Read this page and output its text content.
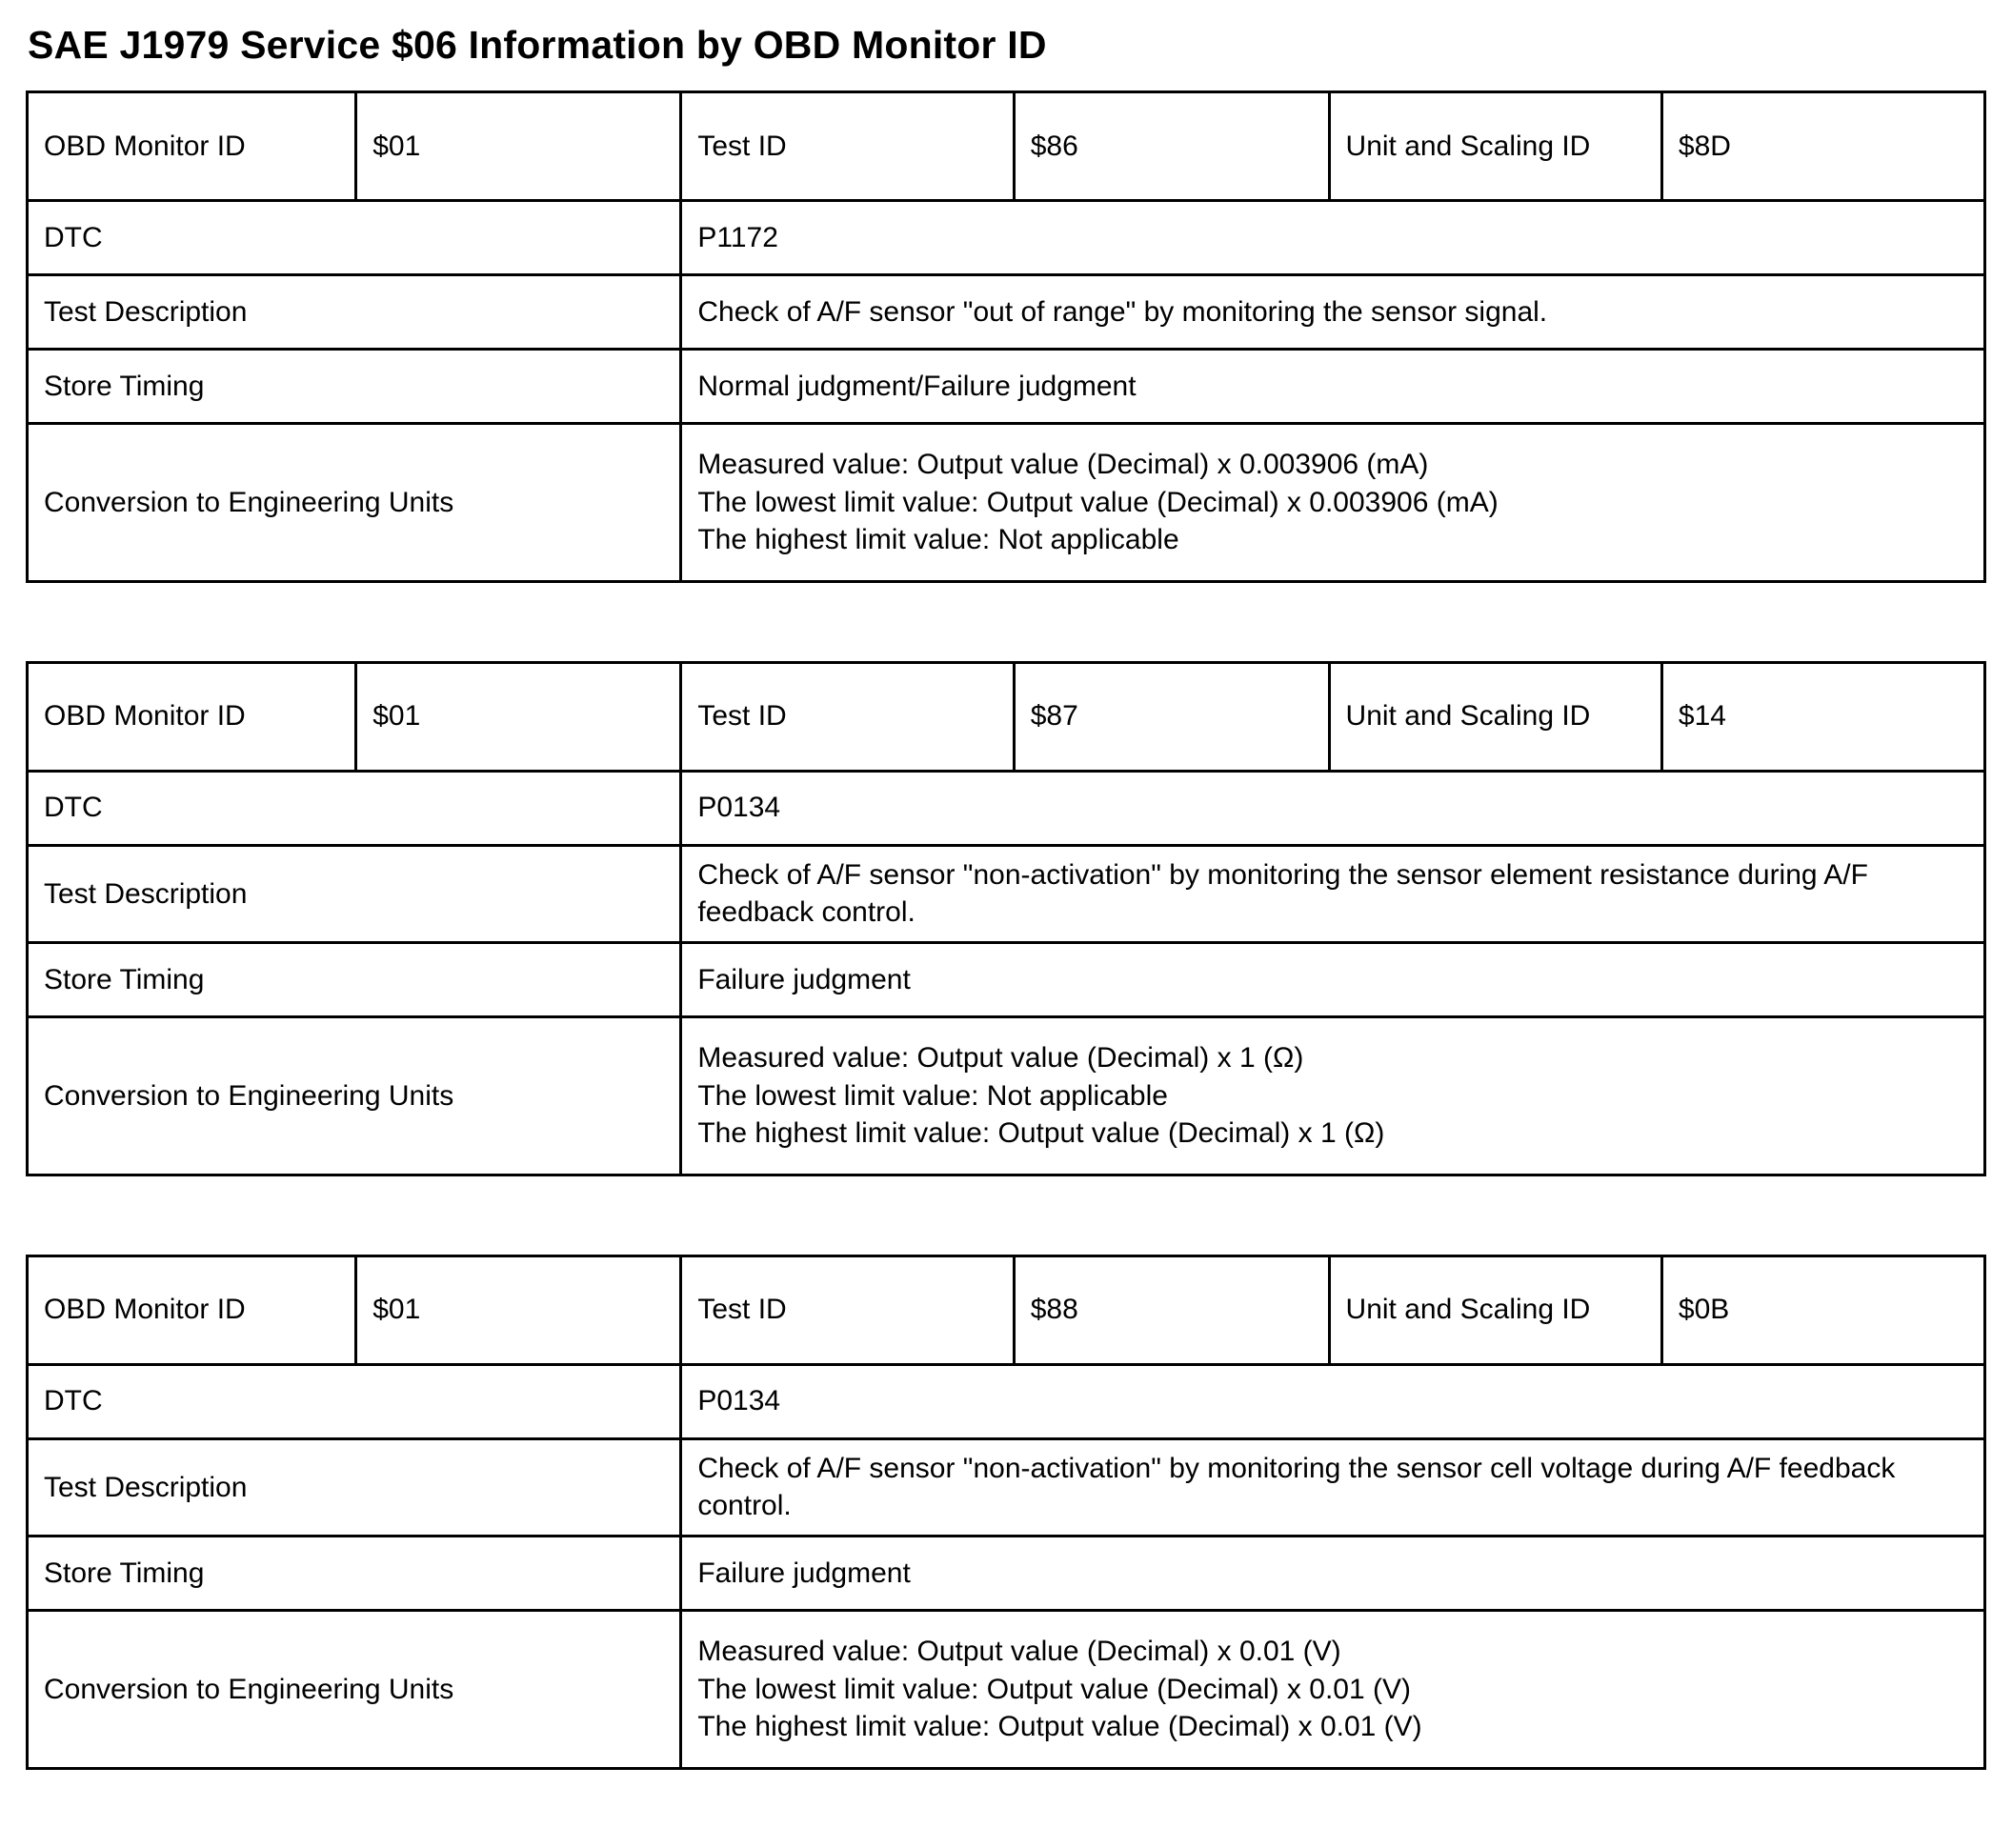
SAE J1979 Service $06 Information by OBD Monitor ID
OBD Monitor ID	$01	Test ID	$86	Unit and Scaling ID	$8D
DTC		P1172			
Test Description		Check of A/F sensor "out of range" by monitoring the sensor signal.			
Store Timing		Normal judgment/Failure judgment			
Conversion to Engineering Units		Measured value: Output value (Decimal) x 0.003906 (mA)
The lowest limit value: Output value (Decimal) x 0.003906 (mA)
The highest limit value: Not applicable			
OBD Monitor ID	$01	Test ID	$87	Unit and Scaling ID	$14
DTC		P0134			
Test Description		Check of A/F sensor "non-activation" by monitoring the sensor element resistance during A/F feedback control.			
Store Timing		Failure judgment			
Conversion to Engineering Units		Measured value: Output value (Decimal) x 1 (Ω)
The lowest limit value: Not applicable
The highest limit value: Output value (Decimal) x 1 (Ω)			
OBD Monitor ID	$01	Test ID	$88	Unit and Scaling ID	$0B
DTC		P0134			
Test Description		Check of A/F sensor "non-activation" by monitoring the sensor cell voltage during A/F feedback control.			
Store Timing		Failure judgment			
Conversion to Engineering Units		Measured value: Output value (Decimal) x 0.01 (V)
The lowest limit value: Output value (Decimal) x 0.01 (V)
The highest limit value: Output value (Decimal) x 0.01 (V)			
